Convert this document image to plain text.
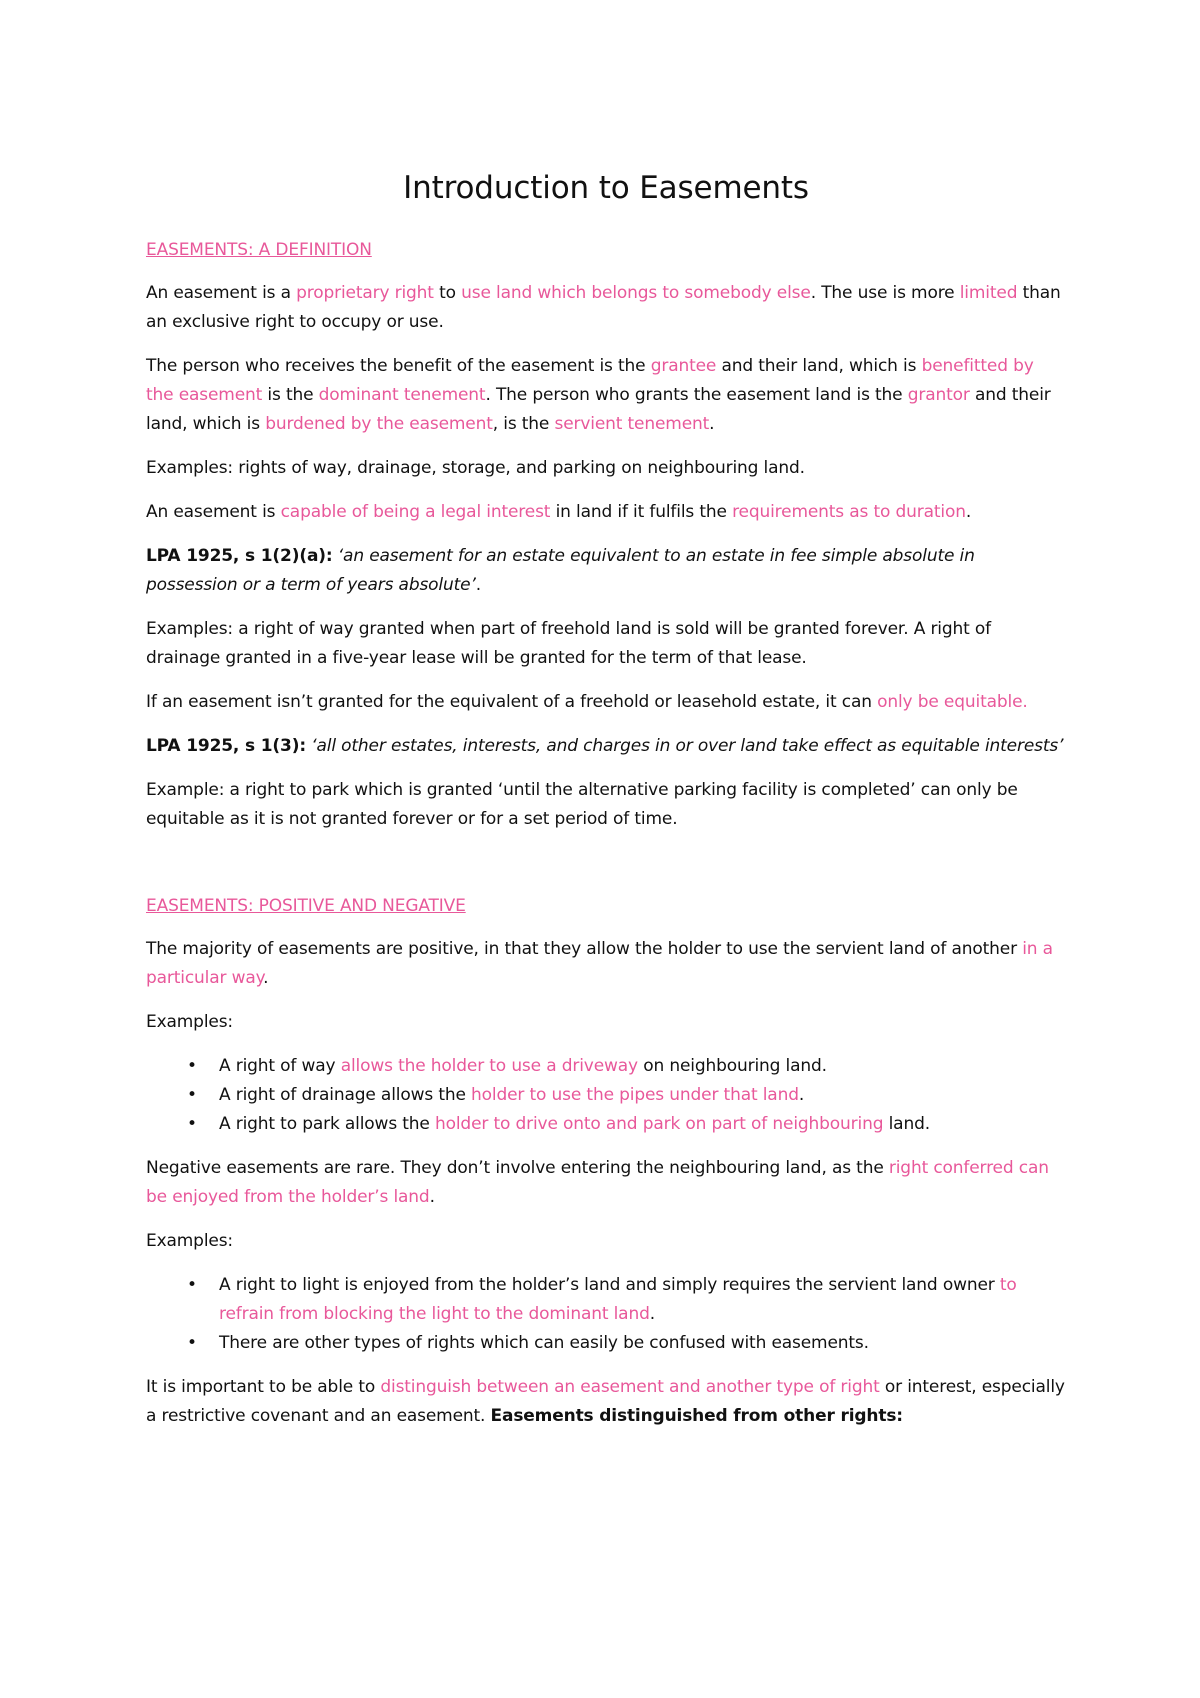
Introduction to Easements
EASEMENTS: A DEFINITION

An easement is a proprietary right to use land which belongs to somebody else. The use is more limited than an exclusive right to occupy or use.

The person who receives the benefit of the easement is the grantee and their land, which is benefitted by the easement is the dominant tenement. The person who grants the easement land is the grantor and their land, which is burdened by the easement, is the servient tenement.

Examples: rights of way, drainage, storage, and parking on neighbouring land.

An easement is capable of being a legal interest in land if it fulfils the requirements as to duration.

LPA 1925, s 1(2)(a): ‘an easement for an estate equivalent to an estate in fee simple absolute in possession or a term of years absolute’.

Examples: a right of way granted when part of freehold land is sold will be granted forever. A right of drainage granted in a five-year lease will be granted for the term of that lease.

If an easement isn’t granted for the equivalent of a freehold or leasehold estate, it can only be equitable.

LPA 1925, s 1(3): ‘all other estates, interests, and charges in or over land take effect as equitable interests’

Example: a right to park which is granted ‘until the alternative parking facility is completed’ can only be equitable as it is not granted forever or for a set period of time.

EASEMENTS: POSITIVE AND NEGATIVE

The majority of easements are positive, in that they allow the holder to use the servient land of another in a particular way.

Examples:

• A right of way allows the holder to use a driveway on neighbouring land.
• A right of drainage allows the holder to use the pipes under that land.
• A right to park allows the holder to drive onto and park on part of neighbouring land.

Negative easements are rare. They don’t involve entering the neighbouring land, as the right conferred can be enjoyed from the holder’s land.

Examples:

• A right to light is enjoyed from the holder’s land and simply requires the servient land owner to refrain from blocking the light to the dominant land.
• There are other types of rights which can easily be confused with easements.

It is important to be able to distinguish between an easement and another type of right or interest, especially a restrictive covenant and an easement. Easements distinguished from other rights:
